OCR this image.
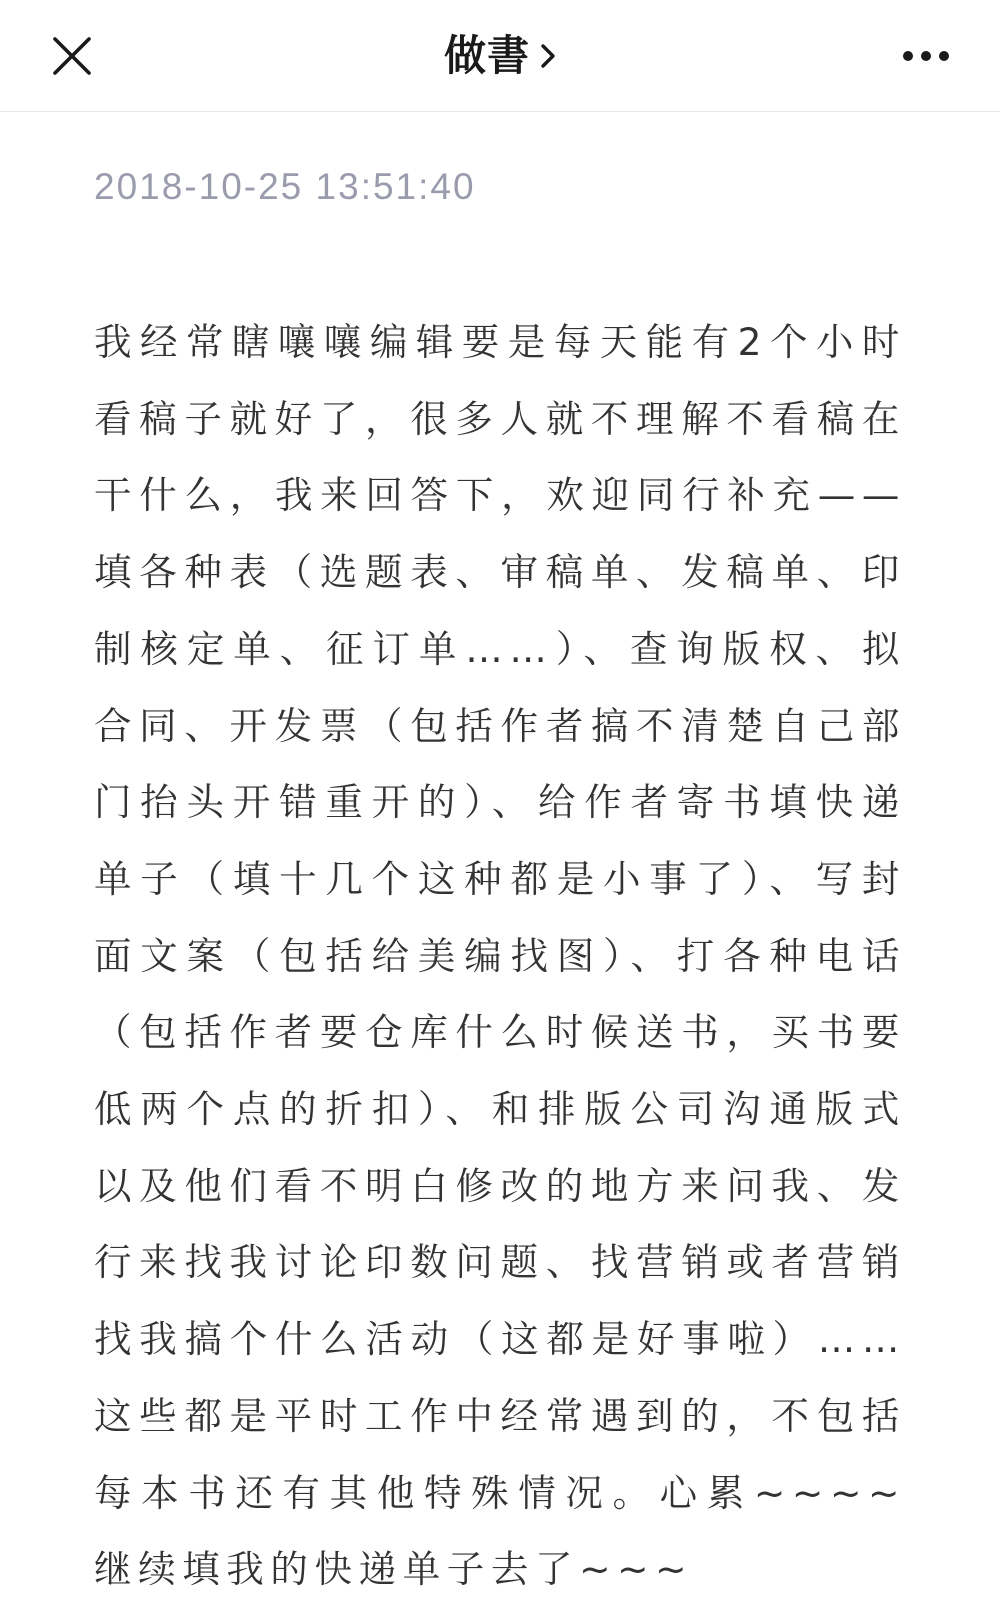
做書
2018-10-25 13:51:40
我经常瞎嚷嚷编辑要是每天能有2个小时看稿子就好了，很多人就不理解不看稿在干什么，我来回答下，欢迎同行补充——填各种表（选题表、审稿单、发稿单、印制核定单、征订单……）、查询版权、拟合同、开发票（包括作者搞不清楚自己部门抬头开错重开的）、给作者寄书填快递单子（填十几个这种都是小事了）、写封面文案（包括给美编找图）、打各种电话（包括作者要仓库什么时候送书，买书要低两个点的折扣）、和排版公司沟通版式以及他们看不明白修改的地方来问我、发行来找我讨论印数问题、找营销或者营销找我搞个什么活动（这都是好事啦）……这些都是平时工作中经常遇到的，不包括每本书还有其他特殊情况。心累~~~~继续填我的快递单子去了~~~
